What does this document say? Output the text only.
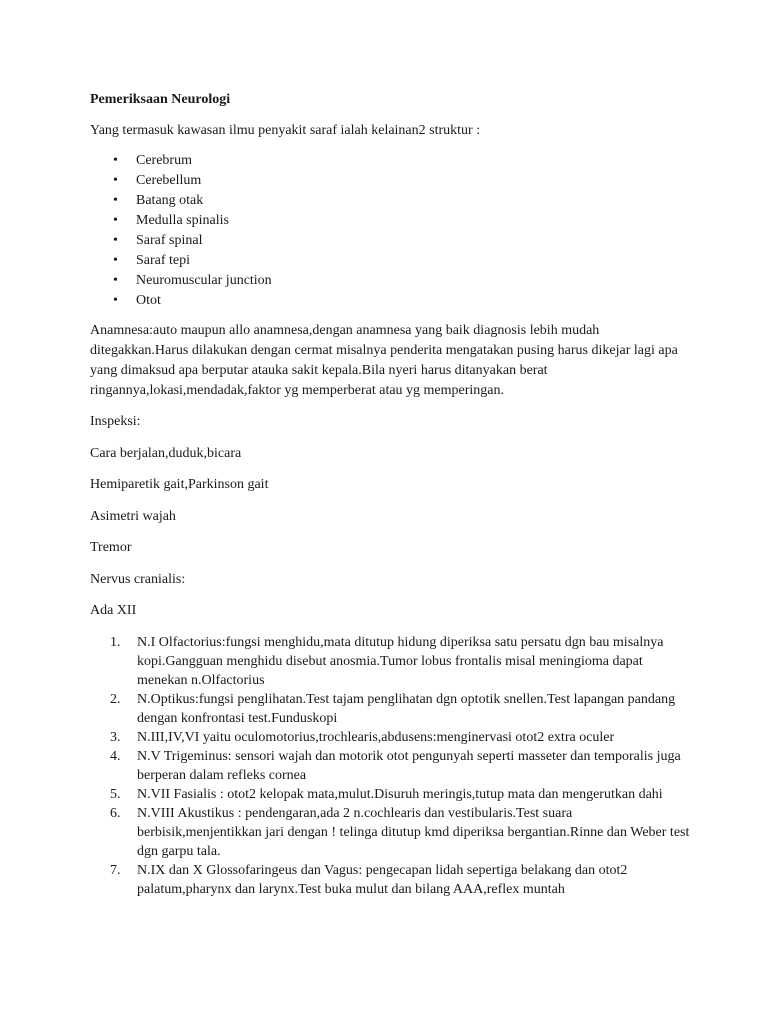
Pemeriksaan Neurologi

Yang termasuk kawasan ilmu penyakit saraf ialah kelainan2 struktur :

• Cerebrum
• Cerebellum
• Batang otak
• Medulla spinalis
• Saraf spinal
• Saraf tepi
• Neuromuscular junction
• Otot

Anamnesa:auto maupun allo anamnesa,dengan anamnesa yang baik diagnosis lebih mudah ditegakkan.Harus dilakukan dengan cermat misalnya penderita mengatakan pusing harus dikejar lagi apa yang dimaksud apa berputar atauka sakit kepala.Bila nyeri harus ditanyakan berat ringannya,lokasi,mendadak,faktor yg memperberat atau yg memperingan.

Inspeksi:

Cara berjalan,duduk,bicara

Hemiparetik gait,Parkinson gait

Asimetri wajah

Tremor

Nervus cranialis:

Ada XII

1. N.I Olfactorius:fungsi menghidu,mata ditutup hidung diperiksa satu persatu dgn bau misalnya kopi.Gangguan menghidu disebut anosmia.Tumor lobus frontalis misal meningioma dapat menekan n.Olfactorius
2. N.Optikus:fungsi penglihatan.Test tajam penglihatan dgn optotik snellen.Test lapangan pandang dengan konfrontasi test.Funduskopi
3. N.III,IV,VI yaitu oculomotorius,trochlearis,abdusens:menginervasi otot2 extra oculer
4. N.V Trigeminus: sensori wajah dan motorik otot pengunyah seperti masseter dan temporalis juga berperan dalam refleks cornea
5. N.VII Fasialis : otot2 kelopak mata,mulut.Disuruh meringis,tutup mata dan mengerutkan dahi
6. N.VIII Akustikus : pendengaran,ada 2 n.cochlearis dan vestibularis.Test suara berbisik,menjentikkan jari dengan ! telinga ditutup kmd diperiksa bergantian.Rinne dan Weber test dgn garpu tala.
7. N.IX dan X Glossofaringeus dan Vagus: pengecapan lidah sepertiga belakang dan otot2 palatum,pharynx dan larynx.Test buka mulut dan bilang AAA,reflex muntah
